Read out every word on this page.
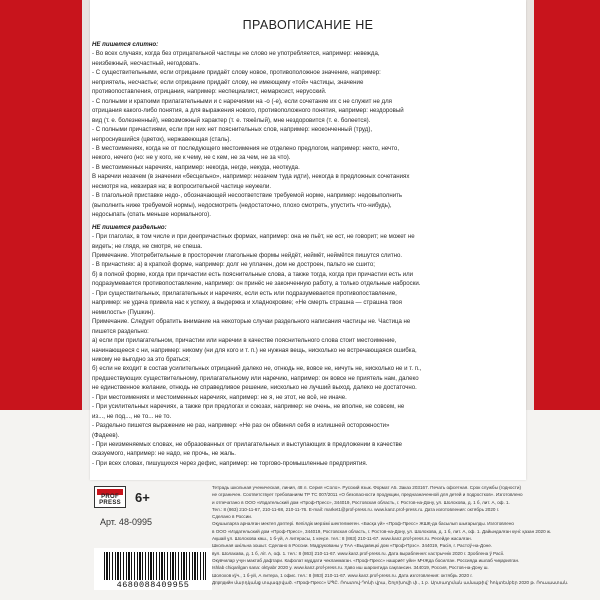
ПРАВОПИСАНИЕ НЕ

НЕ пишется слитно:

- Во всех случаях, когда без отрицательной частицы не слово не употребляется, например: невежда,

неизбежный, несчастный, негодовать.

- С существительными, если отрицание придаёт слову новое, противоположное значение, например:

неприятель, несчастье; если отрицание придаёт слову, не имеющему «той» частицы, значение

противопоставления, отрицания, например: неспециалист, немарксист, неруcский.

- С полными и краткими прилагательными и с наречиями на -о (-е), если сочетание их с не служит не для

отрицания какого-либо понятия, а для выражения нового, противоположного понятия, например: нездоровый

вид (т. е. болезненный), невозможный характер (т. е. тяжёлый), мне нездоровится (т. е. болеется).

- С полными причастиями, если при них нет пояснительных слов, например: неоконченный (труд),

непроснувшийся (цветок), нержавеющая (сталь).

- В местоимениях, когда не от последующего местоимения не отделено предлогом, например: некто, нечто,

некого, нечего (но: не у кого, не к чему, не с кем, не за чем, не за что).

- В местоименных наречиях, например: некогда, негде, некуда, неоткуда.

В наречии незачем (в значении «бесцельно», например: незачем туда идти), некогда в предложных сочетаниях

несмотря на, невзирая на; в вопросительной частице неужели.

- В глагольной приставке недо-, обозначающей несоответствие требуемой норме, например: недовыполнить

(выполнить ниже требуемой нормы), недосмотреть (недостаточно, плохо смотреть, упустить что-нибудь),

недосыпать (спать меньше нормального).

НЕ пишется раздельно:

- При глаголах, в том числе и при деепричастных формах, например: она не пьёт, не ест, не говорит; не может не

видеть; не глядя, не смотря, не спеша.

Примечание. Употребительные в просторечии глагольные формы нейдёт, неймёт, неймётся пишутся слитно.

- В причастиях: а) в краткой форме, например: долг не уплачен, дом не достроен, пальто не сшито;

б) в полной форме, когда при причастии есть пояснительные слова, а также тогда, когда при причастии есть или

подразумевается противопоставление, например: он принёс не законченную работу, а только отдельные наброски.

- При существительных, прилагательных и наречиях, если есть или подразумевается противопоставление,

например: не удача привела нас к успеху, а выдержка и хладнокровие; «Не смерть страшна — страшна твоя

немилость» (Пушкин).

Примечание. Следует обратить внимание на некоторые случаи раздельного написания частицы не. Частица не

пишется раздельно:

а) если при прилагательном, причастии или наречии в качестве пояснительного слова стоит местоимение,

начинающееся с ни, например: никому (ни для кого и т. п.) не нужная вещь, нисколько не встречающаяся ошибка,

никому не выгодно за это браться;

б) если не входит в состав усилительных отрицаний далеко не, отнюдь не, вовсе не, ничуть не, нисколько не и т. п.,

предшествующих существительному, прилагательному или наречию, например: он вовсе не приятель нам, далеко

не единственное желание, отнюдь не справедливое решение, нисколько не лучший выход, далеко не достаточно.

- При местоимениях и местоименных наречиях, например: не я, не этот, не всё, не иначе.

- При усилительных наречиях, а также при предлогах и союзах, например: не очень, не вполне, не совсем, не

из..., не под..., не то... не то.

- Раздельно пишется выражение не раз, например: «Не раз он обвинял себя в излишней осторожности»

(Фадеев).

- При неизменяемых словах, не образованных от прилагательных и выступающих в предложении в качестве

сказуемого, например: не надо, не прочь, не жаль.

- При всех словах, пишущихся через дефис, например: не торгово-промышленные предприятия.

PROF PRESS	6+
Арт. 48-0995
4680088409955

Тетрадь школьная ученическая, линия, 48 л. Серия «Соло». Русский язык. Формат А5. Заказ 203167. Печать офсетная. Срок службы (годности)

не ограничен. Соответствует требованиям ТР ТС 007/2011 «О безопасности продукции, предназначенной для детей и подростков». Изготовлено

и отпечатано в ООО «Издательский дом «Проф-Пресс», 344019, Ростовская область, г. Ростов-на-Дону, ул. Шолохова, д. 1 б, лит. А, оф. 1.

Тел.: 8 (863) 210-11-67, 210-11-68, 210-11-76. E-mail: market1@prof-press.ru. www.kanz.prof-press.ru. Дата изготовления: октябрь 2020 г.

Сделано в России.

Оқушыларға арналған мектеп дәптері. Кепілдік мерзімі шектелмеген. «Басқа үй» «Проф-Пресс» ЖШҚ-да басылып шығарылды. Изготовлено

в ООО «Издательский дом «Проф-Пресс», 344019, Ростовская область, г. Ростов-на-Дону, ул. Шолохова, д. 1 б, лит. А, оф. 1. Дайындалған күні: қазан 2020 ж.

Ақшай ұл. Шолохова көш., 1 б-үй, А литерасы, 1 кеңсе. тел.: 8 (863) 210-11-67. www.kanz.prof-press.ru. Ресейде жасалған.

Школьная шкільна зошыт. Сделано в России. Мадрукованы у ТАА «Выдавецкі дом «Проф-Прэс». 344019, Расія, г. Растоў-на-Доне.

вул. Шолахава, д. 1 б, літ. А, оф. 1. тел.: 8 (863) 210-11-67. www.kanz.prof-press.ru. Дата выраблення: кастрычнік 2020 г. Зроблена ў Расіі.

Окувчилар учун мактаб дафтари. Кафолат муддати чекланмаган. «Проф-Пресс» нашриёт уйи» МЧЖда босилган. Россияда ишлаб чиқарилган.

Ishlab chiqarilgan sana: oktyabr 2020 y. www.kanz.prof-press.ru. Ҳаво иш шароитида сақлансин. 344019, Россия, Ростов-на-Дону ш.

Шолохов кўч., 1 б-уй, А литера, 1 офис. тел.: 8 (863) 210-11-67. www.kanz.prof-press.ru. Дата изготовления: октябрь 2020 г.

Дпрпдийн մարդկանց տպագրված. «Проф-Пресс» ՍՊԸ. Ռոստով-Դոնի վրա, Շոլոխովի փ., 1 բ. Արտադրման ամսաթիվ՝ հոկտեմբեր 2020 թ. Ռուսաստան.
